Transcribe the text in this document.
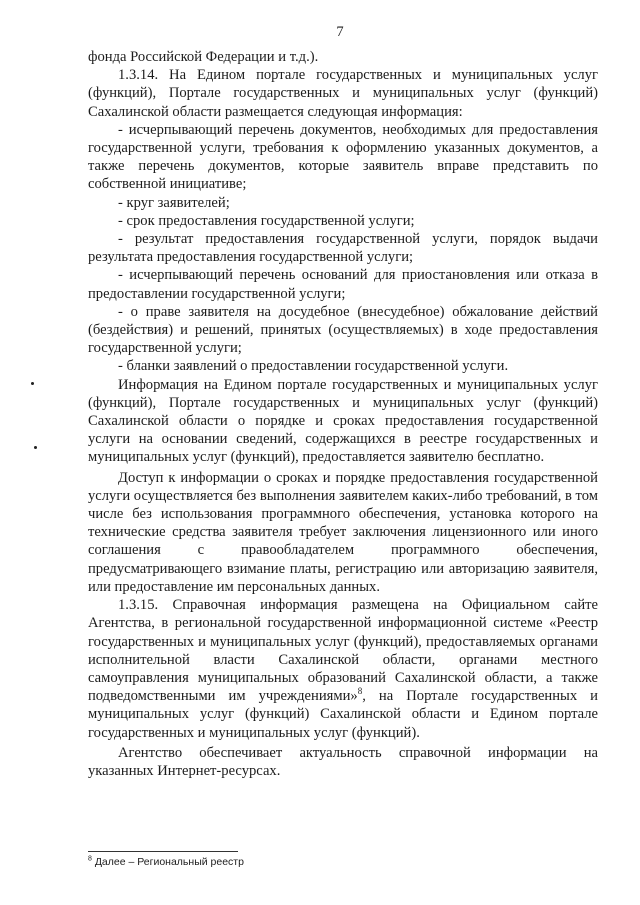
7

фонда Российской Федерации и т.д.).

1.3.14. На Едином портале государственных и муниципальных услуг (функций), Портале государственных и муниципальных услуг (функций) Сахалинской области размещается следующая информация:

- исчерпывающий перечень документов, необходимых для предоставления государственной услуги, требования к оформлению указанных документов, а также перечень документов, которые заявитель вправе представить по собственной инициативе;

- круг заявителей;

- срок предоставления государственной услуги;

- результат предоставления государственной услуги, порядок выдачи результата предоставления государственной услуги;

- исчерпывающий перечень оснований для приостановления или отказа в предоставлении государственной услуги;

- о праве заявителя на досудебное (внесудебное) обжалование действий (бездействия) и решений, принятых (осуществляемых) в ходе предоставления государственной услуги;

- бланки заявлений о предоставлении государственной услуги.

Информация на Едином портале государственных и муниципальных услуг (функций), Портале государственных и муниципальных услуг (функций) Сахалинской области о порядке и сроках предоставления государственной услуги на основании сведений, содержащихся в реестре государственных и муниципальных услуг (функций), предоставляется заявителю бесплатно.

Доступ к информации о сроках и порядке предоставления государственной услуги осуществляется без выполнения заявителем каких-либо требований, в том числе без использования программного обеспечения, установка которого на технические средства заявителя требует заключения лицензионного или иного соглашения с правообладателем программного обеспечения, предусматривающего взимание платы, регистрацию или авторизацию заявителя, или предоставление им персональных данных.

1.3.15. Справочная информация размещена на Официальном сайте Агентства, в региональной государственной информационной системе «Реестр государственных и муниципальных услуг (функций), предоставляемых органами исполнительной власти Сахалинской области, органами местного самоуправления муниципальных образований Сахалинской области, а также подведомственными им учреждениями»$^8$, на Портале государственных и муниципальных услуг (функций) Сахалинской области и Едином портале государственных и муниципальных услуг (функций).

Агентство обеспечивает актуальность справочной информации на указанных Интернет-ресурсах.

$^8$ Далее – Региональный реестр
